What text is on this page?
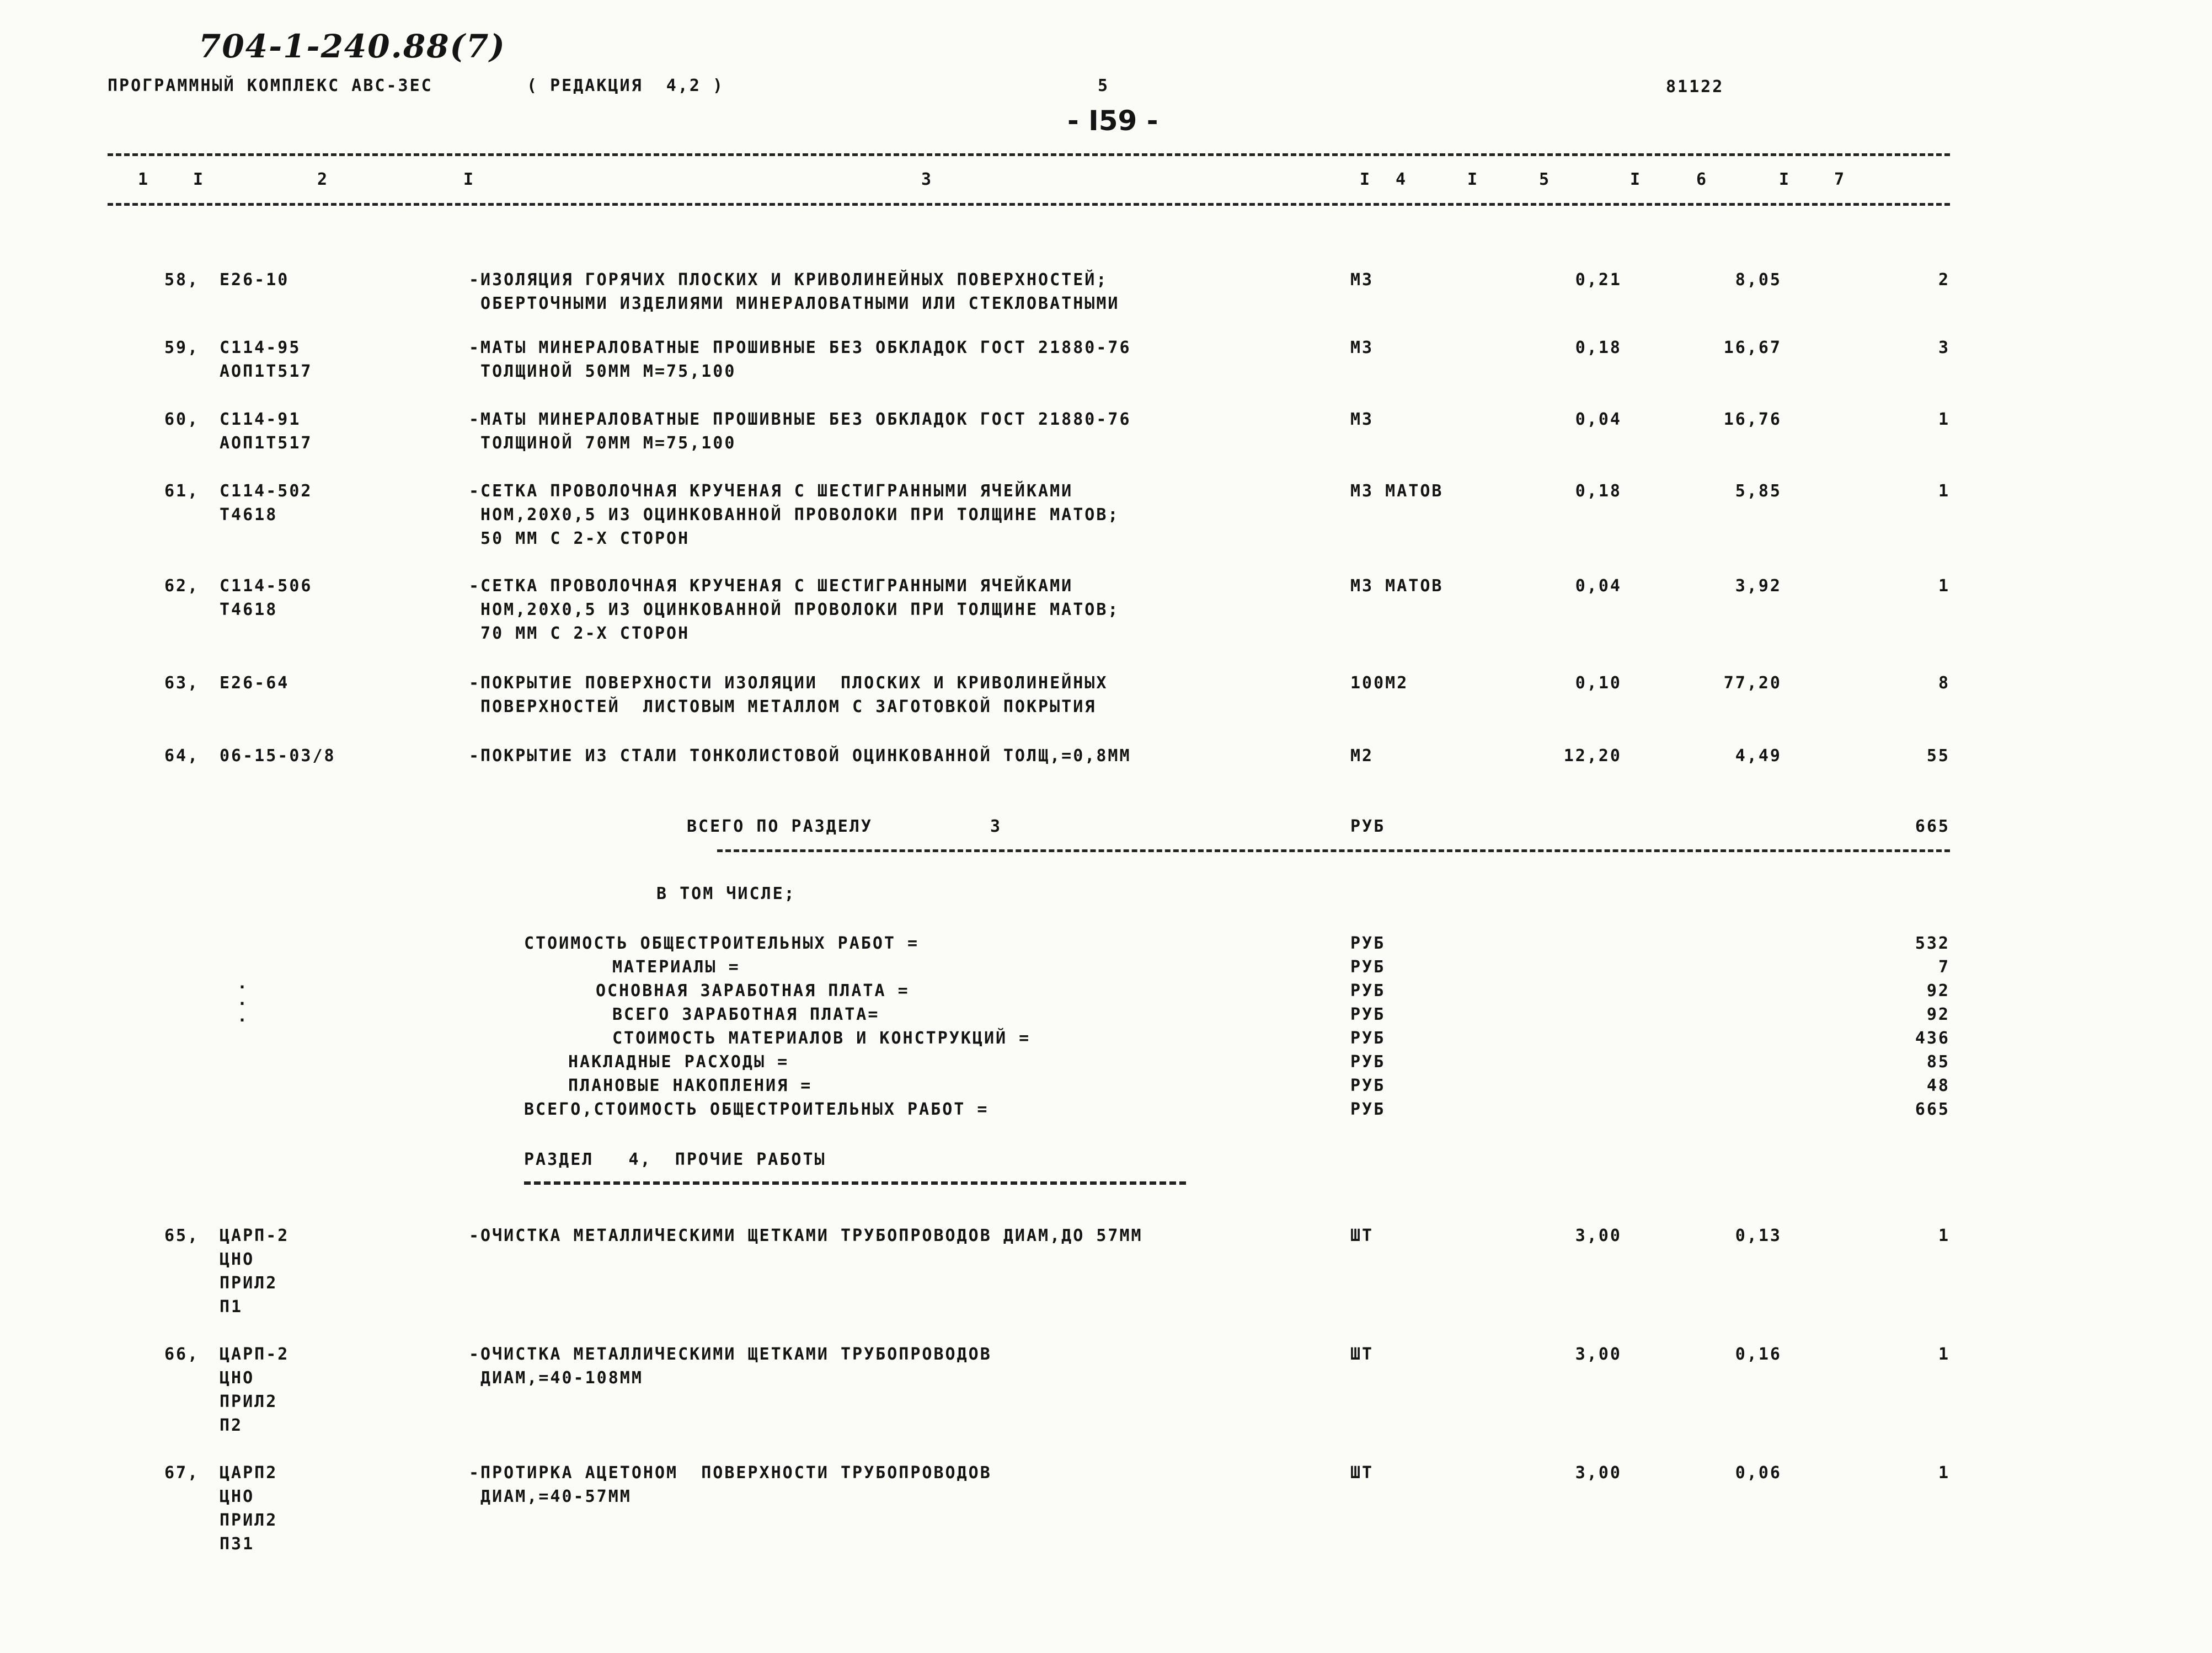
704-1-240.88(7)
ПРОГРАММНЫЙ КОМПЛЕКС АВС-3ЕС	( РЕДАКЦИЯ  4,2 )	5	81122
- I59 -
1	2	3	4	5	6	7
I	I	I	I	I	I
58, Е26-10	-ИЗОЛЯЦИЯ ГОРЯЧИХ ПЛОСКИХ И КРИВОЛИНЕЙНЫХ ПОВЕРХНОСТЕЙ;
ОБЕРТОЧНЫМИ ИЗДЕЛИЯМИ МИНЕРАЛОВАТНЫМИ ИЛИ СТЕКЛОВАТНЫМИ
М3	0,21	8,05	2
59, С114-95
АОП1Т517
-МАТЫ МИНЕРАЛОВАТНЫЕ ПРОШИВНЫЕ БЕЗ ОБКЛАДОК ГОСТ 21880-76
ТОЛЩИНОЙ 50ММ М=75,100
М3	0,18	16,67	3
60, С114-91
АОП1Т517
-МАТЫ МИНЕРАЛОВАТНЫЕ ПРОШИВНЫЕ БЕЗ ОБКЛАДОК ГОСТ 21880-76
ТОЛЩИНОЙ 70ММ М=75,100
М3	0,04	16,76	1
61, С114-502
Т4618
-СЕТКА ПРОВОЛОЧНАЯ КРУЧЕНАЯ С ШЕСТИГРАННЫМИ ЯЧЕЙКАМИ
НОМ,20Х0,5 ИЗ ОЦИНКОВАННОЙ ПРОВОЛОКИ ПРИ ТОЛЩИНЕ МАТОВ;
50 ММ С 2-Х СТОРОН
М3 МАТОВ	0,18	5,85	1
62, С114-506
Т4618
-СЕТКА ПРОВОЛОЧНАЯ КРУЧЕНАЯ С ШЕСТИГРАННЫМИ ЯЧЕЙКАМИ
НОМ,20Х0,5 ИЗ ОЦИНКОВАННОЙ ПРОВОЛОКИ ПРИ ТОЛЩИНЕ МАТОВ;
70 ММ С 2-Х СТОРОН
М3 МАТОВ	0,04	3,92	1
63, Е26-64	-ПОКРЫТИЕ ПОВЕРХНОСТИ ИЗОЛЯЦИИ  ПЛОСКИХ И КРИВОЛИНЕЙНЫХ
ПОВЕРХНОСТЕЙ  ЛИСТОВЫМ МЕТАЛЛОМ С ЗАГОТОВКОЙ ПОКРЫТИЯ
100М2	0,10	77,20	8
64, 06-15-03/8	-ПОКРЫТИЕ ИЗ СТАЛИ ТОНКОЛИСТОВОЙ ОЦИНКОВАННОЙ ТОЛЩ,=0,8ММ	М2	12,20	4,49	55
ВСЕГО ПО РАЗДЕЛУ	3	РУБ	665
В ТОМ ЧИСЛЕ;
СТОИМОСТЬ ОБЩЕСТРОИТЕЛЬНЫХ РАБОТ =	РУБ	532
МАТЕРИАЛЫ =	РУБ	7
ОСНОВНАЯ ЗАРАБОТНАЯ ПЛАТА =	РУБ	92
ВСЕГО ЗАРАБОТНАЯ ПЛАТА=	РУБ	92
СТОИМОСТЬ МАТЕРИАЛОВ И КОНСТРУКЦИЙ =	РУБ	436
НАКЛАДНЫЕ РАСХОДЫ =	РУБ	85
ПЛАНОВЫЕ НАКОПЛЕНИЯ =	РУБ	48
ВСЕГО,СТОИМОСТЬ ОБЩЕСТРОИТЕЛЬНЫХ РАБОТ =	РУБ	665
РАЗДЕЛ   4,  ПРОЧИЕ РАБОТЫ
65, ЦАРП-2
ЦНО
ПРИЛ2
П1
-ОЧИСТКА МЕТАЛЛИЧЕСКИМИ ЩЕТКАМИ ТРУБОПРОВОДОВ ДИАМ,ДО 57ММ	ШТ	3,00	0,13	1
66, ЦАРП-2
ЦНО
ПРИЛ2
П2
-ОЧИСТКА МЕТАЛЛИЧЕСКИМИ ЩЕТКАМИ ТРУБОПРОВОДОВ
ДИАМ,=40-108ММ
ШТ	3,00	0,16	1
67, ЦАРП2
ЦНО
ПРИЛ2
П31
-ПРОТИРКА АЦЕТОНОМ  ПОВЕРХНОСТИ ТРУБОПРОВОДОВ
ДИАМ,=40-57ММ
ШТ	3,00	0,06	1
·
·
·
